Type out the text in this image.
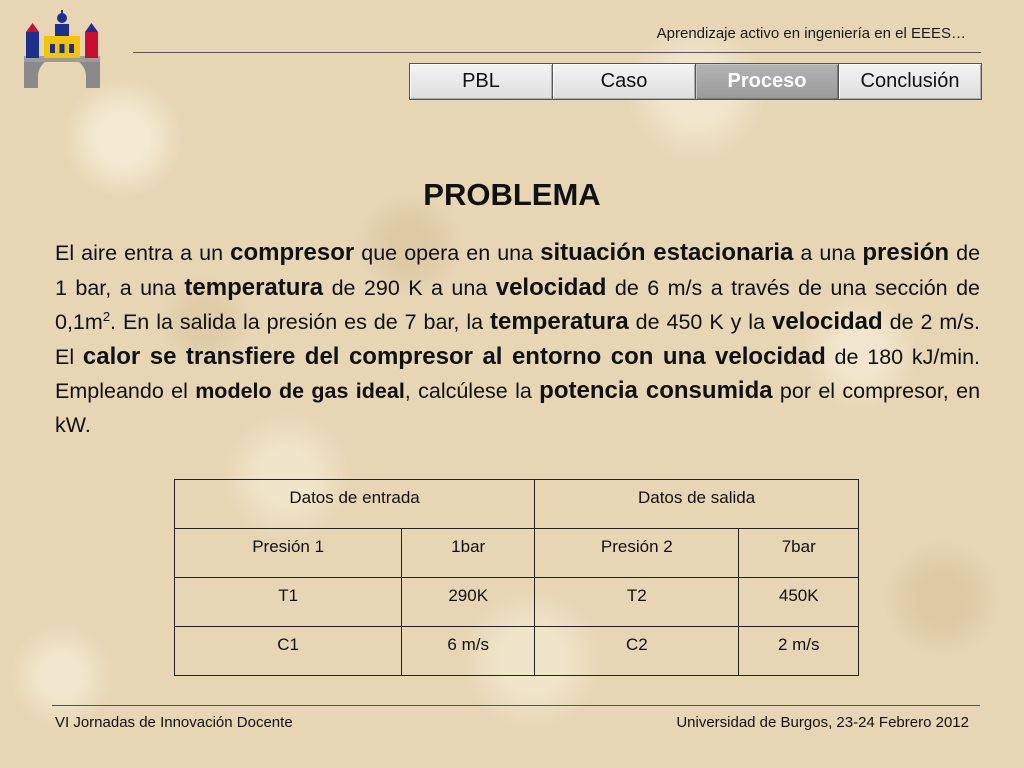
Aprendizaje activo en ingeniería en el EEES…
PBL	Caso	Proceso	Conclusión
PROBLEMA
El aire entra a un compresor que opera en una situación estacionaria a una presión de 1 bar, a una temperatura de 290 K a una velocidad de 6 m/s a través de una sección de $0,1m^2$. En la salida la presión es de 7 bar, la temperatura de 450 K y la velocidad de 2 m/s. El calor se transfiere del compresor al entorno con una velocidad de 180 kJ/min. Empleando el modelo de gas ideal, calcúlese la potencia consumida por el compresor, en kW.
Datos de entrada		Datos de salida	
Presión 1	1bar	Presión 2	7bar
T1	290K	T2	450K
C1	6 m/s	C2	2 m/s
VI Jornadas de Innovación Docente	Universidad de Burgos, 23-24 Febrero 2012
